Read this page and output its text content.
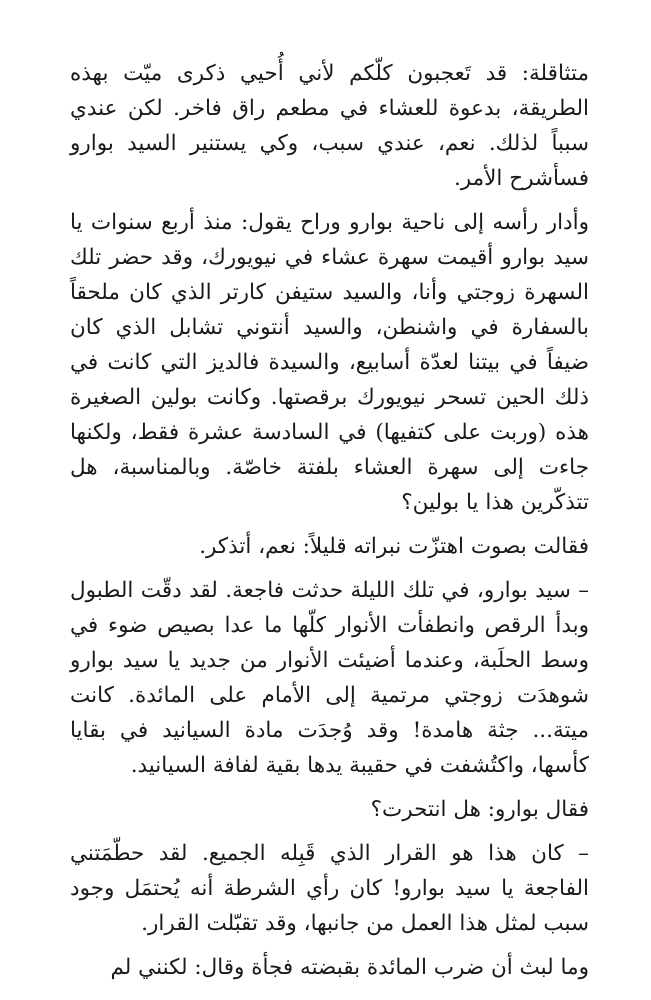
متثاقلة: قد تَعجبون كلّكم لأني أُحيي ذكرى ميّت بهذه الطريقة، بدعوة للعشاء في مطعم راق فاخر. لكن عندي سبباً لذلك. نعم، عندي سبب، وكي يستنير السيد بوارو فسأشرح الأمر.

وأدار رأسه إلى ناحية بوارو وراح يقول: منذ أربع سنوات يا سيد بوارو أقيمت سهرة عشاء في نيويورك، وقد حضر تلك السهرة زوجتي وأنا، والسيد ستيفن كارتر الذي كان ملحقاً بالسفارة في واشنطن، والسيد أنتوني تشابل الذي كان ضيفاً في بيتنا لعدّة أسابيع، والسيدة فالديز التي كانت في ذلك الحين تسحر نيويورك برقصتها. وكانت بولين الصغيرة هذه (وربت على كتفيها) في السادسة عشرة فقط، ولكنها جاءت إلى سهرة العشاء بلفتة خاصّة. وبالمناسبة، هل تتذكّرين هذا يا بولين؟

فقالت بصوت اهتزّت نبراته قليلاً: نعم، أتذكر.

– سيد بوارو، في تلك الليلة حدثت فاجعة. لقد دقّت الطبول وبدأ الرقص وانطفأت الأنوار كلّها ما عدا بصيص ضوء في وسط الحلَبة، وعندما أضيئت الأنوار من جديد يا سيد بوارو شوهدَت زوجتي مرتمية إلى الأمام على المائدة. كانت ميتة... جثة هامدة! وقد وُجدَت مادة السيانيد في بقايا كأسها، واكتُشفت في حقيبة يدها بقية لفافة السيانيد.

فقال بوارو: هل انتحرت؟

– كان هذا هو القرار الذي قَبِله الجميع. لقد حطّمَتني الفاجعة يا سيد بوارو! كان رأي الشرطة أنه يُحتمَل وجود سبب لمثل هذا العمل من جانبها، وقد تقبّلت القرار.

وما لبث أن ضرب المائدة بقبضته فجأة وقال: لكنني لم
